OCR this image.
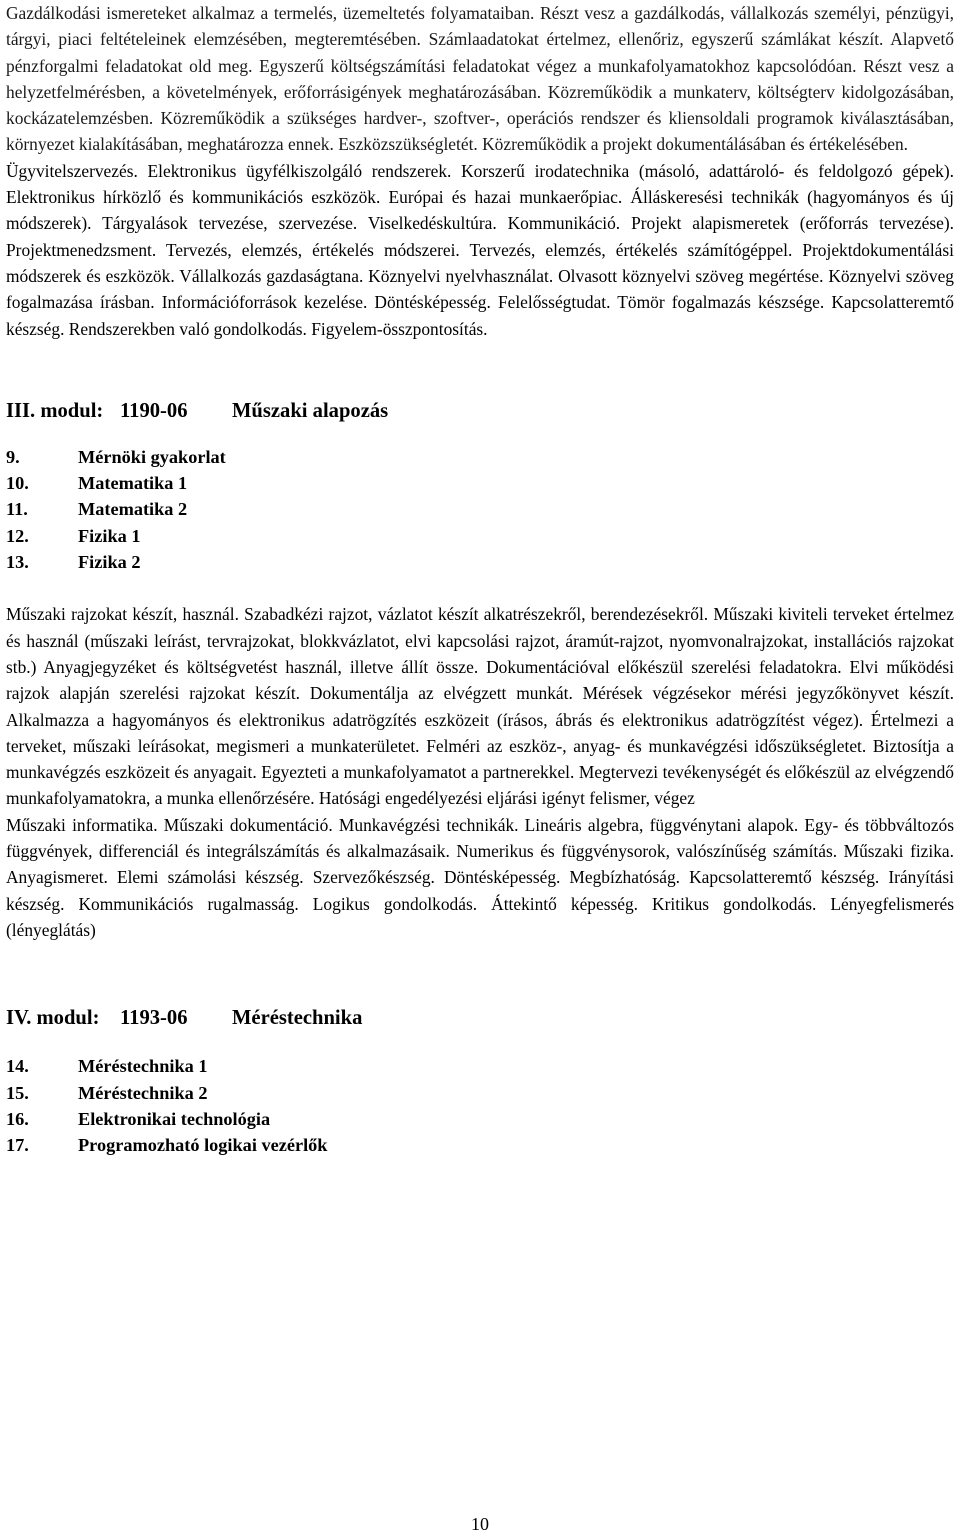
Gazdálkodási ismereteket alkalmaz a termelés, üzemeltetés folyamataiban. Részt vesz a gazdálkodás, vállalkozás személyi, pénzügyi, tárgyi, piaci feltételeinek elemzésében, megteremtésében. Számlaadatokat értelmez, ellenőriz, egyszerű számlákat készít. Alapvető pénzforgalmi feladatokat old meg. Egyszerű költségszámítási feladatokat végez a munkafolyamatokhoz kapcsolódóan. Részt vesz a helyzetfelmérésben, a követelmények, erőforrásigények meghatározásában. Közreműködik a munkaterv, költségterv kidolgozásában, kockázatelemzésben. Közreműködik a szükséges hardver-, szoftver-, operációs rendszer és kliensoldali programok kiválasztásában, környezet kialakításában, meghatározza ennek. Eszközszükségletét. Közreműködik a projekt dokumentálásában és értékelésében.

Ügyvitelszervezés. Elektronikus ügyfélkiszolgáló rendszerek. Korszerű irodatechnika (másoló, adattároló- és feldolgozó gépek). Elektronikus hírközlő és kommunikációs eszközök. Európai és hazai munkaerőpiac. Álláskeresési technikák (hagyományos és új módszerek). Tárgyalások tervezése, szervezése. Viselkedéskultúra. Kommunikáció. Projekt alapismeretek (erőforrás tervezése). Projektmenedzsment. Tervezés, elemzés, értékelés módszerei. Tervezés, elemzés, értékelés számítógéppel. Projektdokumentálási módszerek és eszközök. Vállalkozás gazdaságtana. Köznyelvi nyelvhasználat. Olvasott köznyelvi szöveg megértése. Köznyelvi szöveg fogalmazása írásban. Információforrások kezelése. Döntésképesség. Felelősségtudat. Tömör fogalmazás készsége. Kapcsolatteremtő készség. Rendszerekben való gondolkodás. Figyelem-összpontosítás.

III. modul: 1190-06 Műszaki alapozás
9.	Mérnöki gyakorlat
10.	Matematika 1
11.	Matematika 2
12.	Fizika 1
13.	Fizika 2

Műszaki rajzokat készít, használ. Szabadkézi rajzot, vázlatot készít alkatrészekről, berendezésekről. Műszaki kiviteli terveket értelmez és használ (műszaki leírást, tervrajzokat, blokkvázlatot, elvi kapcsolási rajzot, áramút-rajzot, nyomvonalrajzokat, installációs rajzokat stb.) Anyagjegyzéket és költségvetést használ, illetve állít össze. Dokumentációval előkészül szerelési feladatokra. Elvi működési rajzok alapján szerelési rajzokat készít. Dokumentálja az elvégzett munkát. Mérések végzésekor mérési jegyzőkönyvet készít. Alkalmazza a hagyományos és elektronikus adatrögzítés eszközeit (írásos, ábrás és elektronikus adatrögzítést végez). Értelmezi a terveket, műszaki leírásokat, megismeri a munkaterületet. Felméri az eszköz-, anyag- és munkavégzési időszükségletet. Biztosítja a munkavégzés eszközeit és anyagait. Egyezteti a munkafolyamatot a partnerekkel. Megtervezi tevékenységét és előkészül az elvégzendő munkafolyamatokra, a munka ellenőrzésére. Hatósági engedélyezési eljárási igényt felismer, végez

Műszaki informatika. Műszaki dokumentáció. Munkavégzési technikák. Lineáris algebra, függvénytani alapok. Egy- és többváltozós függvények, differenciál és integrálszámítás és alkalmazásaik. Numerikus és függvénysorok, valószínűség számítás. Műszaki fizika. Anyagismeret. Elemi számolási készség. Szervezőkészség. Döntésképesség. Megbízhatóság. Kapcsolatteremtő készség. Irányítási készség. Kommunikációs rugalmasság. Logikus gondolkodás. Áttekintő képesség. Kritikus gondolkodás. Lényegfelismerés (lényeglátás)

IV. modul: 1193-06 Méréstechnika
14.	Méréstechnika 1
15.	Méréstechnika 2
16.	Elektronikai technológia
17.	Programozható logikai vezérlők
10
